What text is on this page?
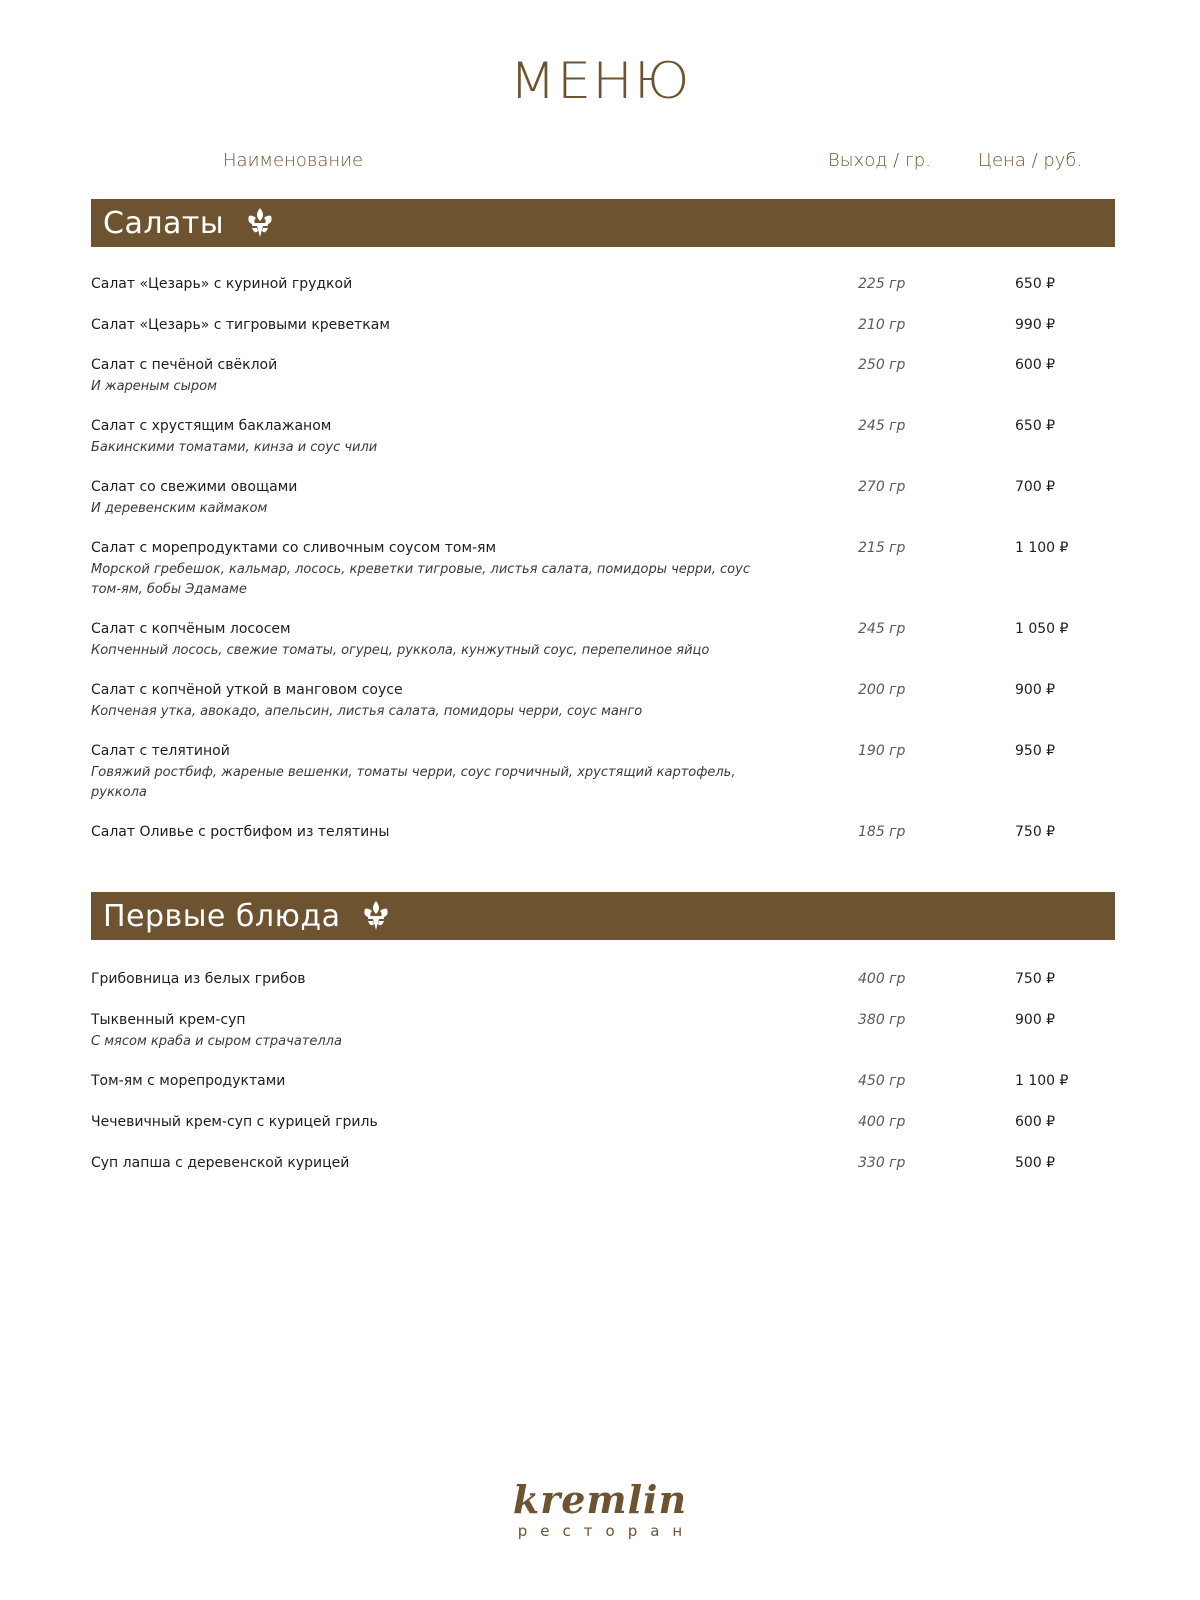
МЕНЮ
Наименование	Выход / гр.	Цена / руб.
Салаты
Салат «Цезарь» с куриной грудкой	225 гр	650 ₽
Салат «Цезарь» с тигровыми креветкам	210 гр	990 ₽
Салат с печёной свёклой
И жареным сыром
250 гр	600 ₽
Салат с хрустящим баклажаном
Бакинскими томатами, кинза и соус чили
245 гр	650 ₽
Салат со свежими овощами
И деревенским каймаком
270 гр	700 ₽
Салат с морепродуктами со сливочным соусом том-ям
Морской гребешок, кальмар, лосось, креветки тигровые, листья салата, помидоры черри, соус том-ям, бобы Эдамаме
215 гр	1 100 ₽
Салат с копчёным лососем
Копченный лосось, свежие томаты, огурец, руккола, кунжутный соус, перепелиное яйцо
245 гр	1 050 ₽
Салат с копчёной уткой в манговом соусе
Копченая утка, авокадо, апельсин, листья салата, помидоры черри, соус манго
200 гр	900 ₽
Салат с телятиной
Говяжий ростбиф, жареные вешенки, томаты черри, соус горчичный, хрустящий картофель, руккола
190 гр	950 ₽
Салат Оливье с ростбифом из телятины	185 гр	750 ₽
Первые блюда
Грибовница из белых грибов	400 гр	750 ₽
Тыквенный крем-суп
С мясом краба и сыром страчателла
380 гр	900 ₽
Том-ям с морепродуктами	450 гр	1 100 ₽
Чечевичный крем-суп с курицей гриль	400 гр	600 ₽
Суп лапша с деревенской курицей	330 гр	500 ₽
kremlin
ресторан
